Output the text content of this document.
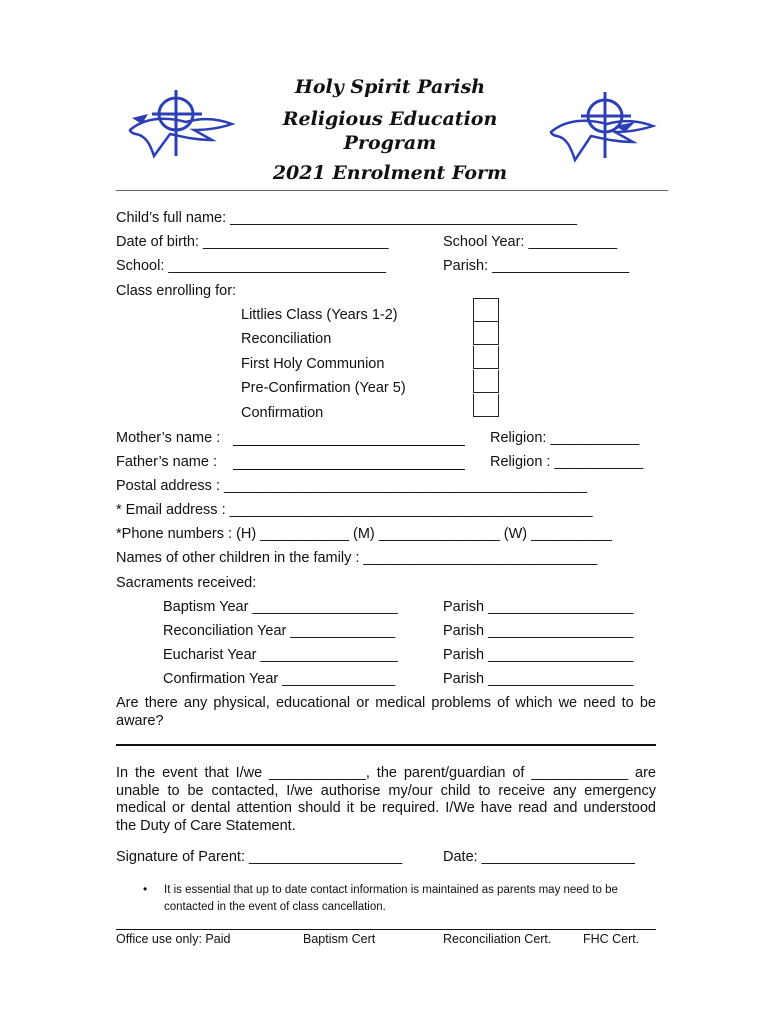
Holy Spirit Parish
Religious Education
Program
2021 Enrolment Form
Child’s full name: ___________________________________________
Date of birth: _______________________	School Year: ___________
School: ___________________________	Parish: _________________
Class enrolling for:
Littlies Class (Years 1-2)
Reconciliation
First Holy Communion
Pre-Confirmation (Year 5)
Confirmation
Mother’s name :	Religion: ___________
Father’s name :	Religion : ___________
Postal address : _____________________________________________
* Email address : _____________________________________________
*Phone numbers : (H) ___________ (M) _______________ (W) __________
Names of other children in the family : _____________________________
Sacraments received:
Baptism Year __________________	Parish __________________
Reconciliation Year _____________	Parish __________________
Eucharist Year _________________	Parish __________________
Confirmation Year ______________	Parish __________________
Are there any physical, educational or medical problems of which we need to be aware?
In the event that I/we ____________, the parent/guardian of ____________ are unable to be contacted, I/we authorise my/our child to receive any emergency medical or dental attention should it be required. I/We have read and understood the Duty of Care Statement.
Signature of Parent: ___________________	Date: ___________________
• It is essential that up to date contact information is maintained as parents may need to be contacted in the event of class cancellation.
Office use only: Paid	Baptism Cert	Reconciliation Cert.	FHC Cert.
